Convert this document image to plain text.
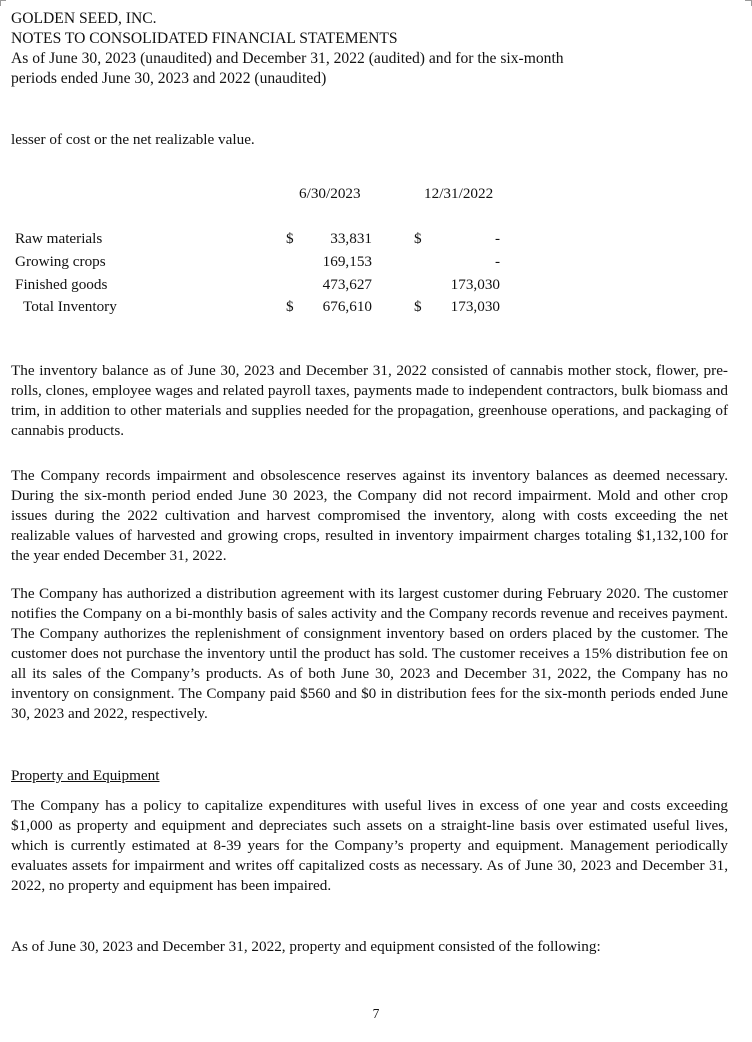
GOLDEN SEED, INC.
NOTES TO CONSOLIDATED FINANCIAL STATEMENTS
As of June 30, 2023 (unaudited) and December 31, 2022 (audited) and for the six-month
periods ended June 30, 2023 and 2022 (unaudited)
lesser of cost or the net realizable value.
6/30/2023	12/31/2022
Raw materials	$	33,831	$	-
Growing crops	169,153	-
Finished goods	473,627	173,030
Total Inventory	$	676,610	$	173,030
The inventory balance as of June 30, 2023 and December 31, 2022 consisted of cannabis mother stock, flower, pre-rolls, clones, employee wages and related payroll taxes, payments made to independent contractors, bulk biomass and trim, in addition to other materials and supplies needed for the propagation, greenhouse operations, and packaging of cannabis products.
The Company records impairment and obsolescence reserves against its inventory balances as deemed necessary. During the six-month period ended June 30 2023, the Company did not record impairment. Mold and other crop issues during the 2022 cultivation and harvest compromised the inventory, along with costs exceeding the net realizable values of harvested and growing crops, resulted in inventory impairment charges totaling $1,132,100 for the year ended December 31, 2022.
The Company has authorized a distribution agreement with its largest customer during February 2020. The customer notifies the Company on a bi-monthly basis of sales activity and the Company records revenue and receives payment. The Company authorizes the replenishment of consignment inventory based on orders placed by the customer. The customer does not purchase the inventory until the product has sold. The customer receives a 15% distribution fee on all its sales of the Company’s products. As of both June 30, 2023 and December 31, 2022, the Company has no inventory on consignment. The Company paid $560 and $0 in distribution fees for the six-month periods ended June 30, 2023 and 2022, respectively.
Property and Equipment
The Company has a policy to capitalize expenditures with useful lives in excess of one year and costs exceeding $1,000 as property and equipment and depreciates such assets on a straight-line basis over estimated useful lives, which is currently estimated at 8-39 years for the Company’s property and equipment. Management periodically evaluates assets for impairment and writes off capitalized costs as necessary. As of June 30, 2023 and December 31, 2022, no property and equipment has been impaired.
As of June 30, 2023 and December 31, 2022, property and equipment consisted of the following:
7
